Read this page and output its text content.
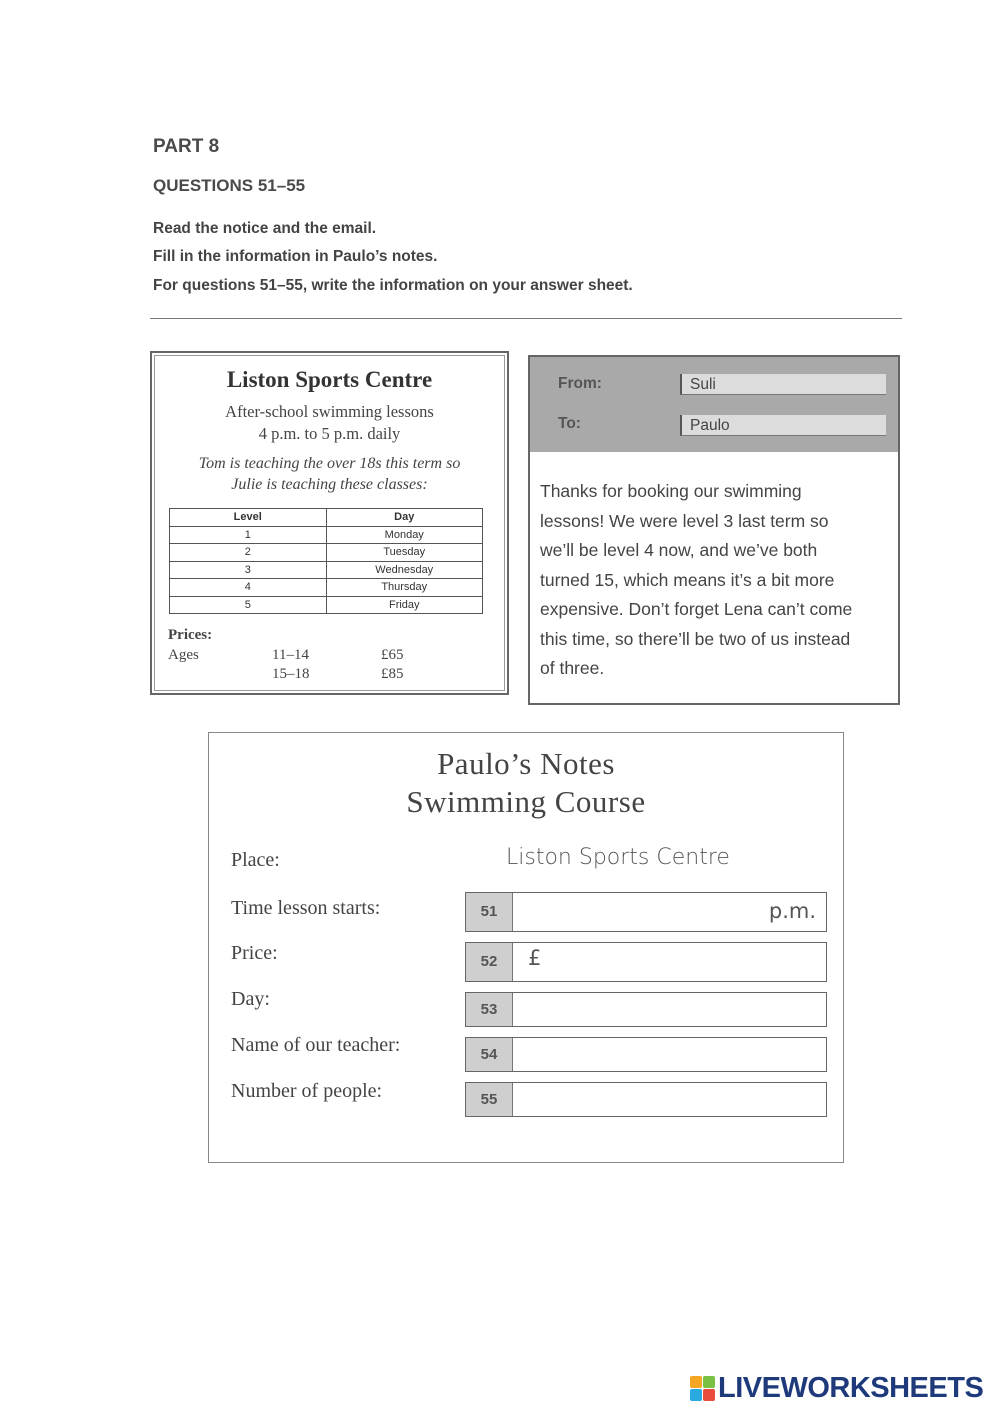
PART 8
QUESTIONS 51–55
Read the notice and the email.
Fill in the information in Paulo’s notes.
For questions 51–55, write the information on your answer sheet.
Liston Sports Centre
After-school swimming lessons
4 p.m. to 5 p.m. daily
Tom is teaching the over 18s this term so
Julie is teaching these classes:
Level	Day
1	Monday
2	Tuesday
3	Wednesday
4	Thursday
5	Friday
Prices:
Ages	11–14	£65
15–18	£85
From:	Suli
To:	Paulo
Thanks for booking our swimming
lessons! We were level 3 last term so
we’ll be level 4 now, and we’ve both
turned 15, which means it’s a bit more
expensive. Don’t forget Lena can’t come
this time, so there’ll be two of us instead
of three.
Paulo’s Notes
Swimming Course
Place:	Liston Sports Centre
Time lesson starts:	51	p.m.
Price:	52	£
Day:	53
Name of our teacher:	54
Number of people:	55
LIVEWORKSHEETS
